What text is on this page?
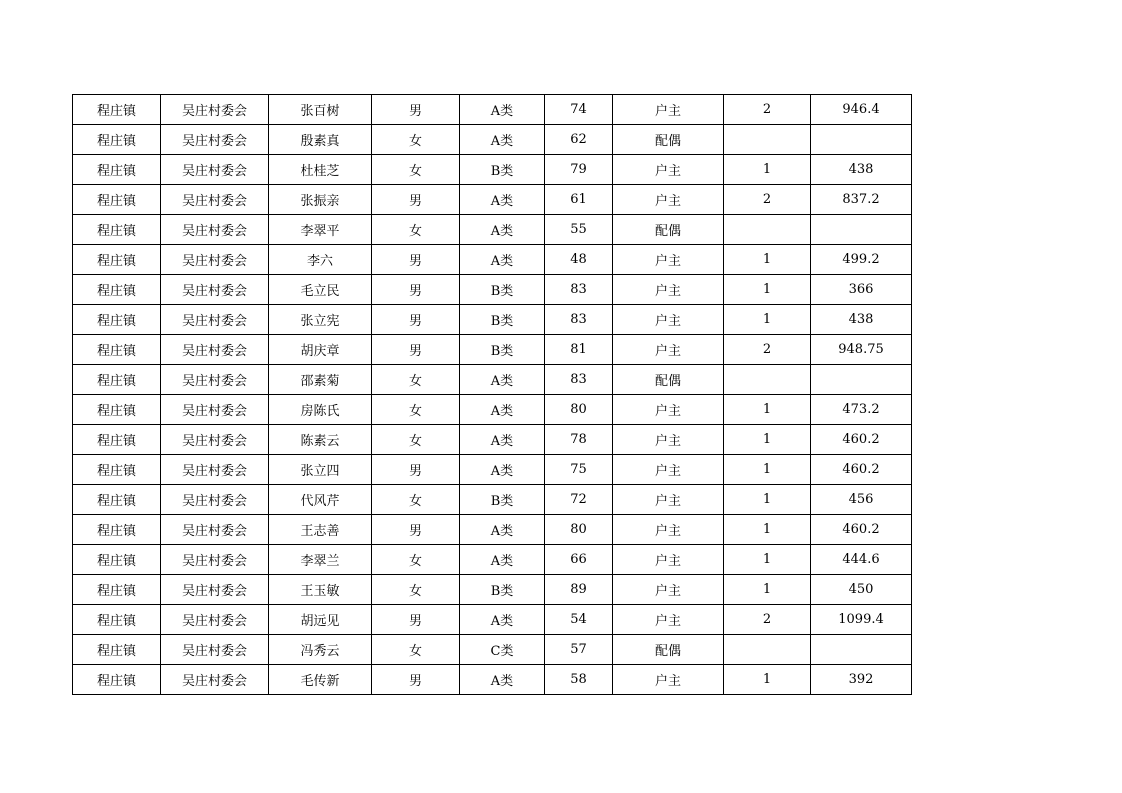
程庄镇	吴庄村委会	张百树	男	A类	74	户主	2	946.4
程庄镇	吴庄村委会	殷素真	女	A类	62	配偶		
程庄镇	吴庄村委会	杜桂芝	女	B类	79	户主	1	438
程庄镇	吴庄村委会	张振亲	男	A类	61	户主	2	837.2
程庄镇	吴庄村委会	李翠平	女	A类	55	配偶		
程庄镇	吴庄村委会	李六	男	A类	48	户主	1	499.2
程庄镇	吴庄村委会	毛立民	男	B类	83	户主	1	366
程庄镇	吴庄村委会	张立宪	男	B类	83	户主	1	438
程庄镇	吴庄村委会	胡庆章	男	B类	81	户主	2	948.75
程庄镇	吴庄村委会	邵素菊	女	A类	83	配偶		
程庄镇	吴庄村委会	房陈氏	女	A类	80	户主	1	473.2
程庄镇	吴庄村委会	陈素云	女	A类	78	户主	1	460.2
程庄镇	吴庄村委会	张立四	男	A类	75	户主	1	460.2
程庄镇	吴庄村委会	代风芹	女	B类	72	户主	1	456
程庄镇	吴庄村委会	王志善	男	A类	80	户主	1	460.2
程庄镇	吴庄村委会	李翠兰	女	A类	66	户主	1	444.6
程庄镇	吴庄村委会	王玉敏	女	B类	89	户主	1	450
程庄镇	吴庄村委会	胡远见	男	A类	54	户主	2	1099.4
程庄镇	吴庄村委会	冯秀云	女	C类	57	配偶		
程庄镇	吴庄村委会	毛传新	男	A类	58	户主	1	392
